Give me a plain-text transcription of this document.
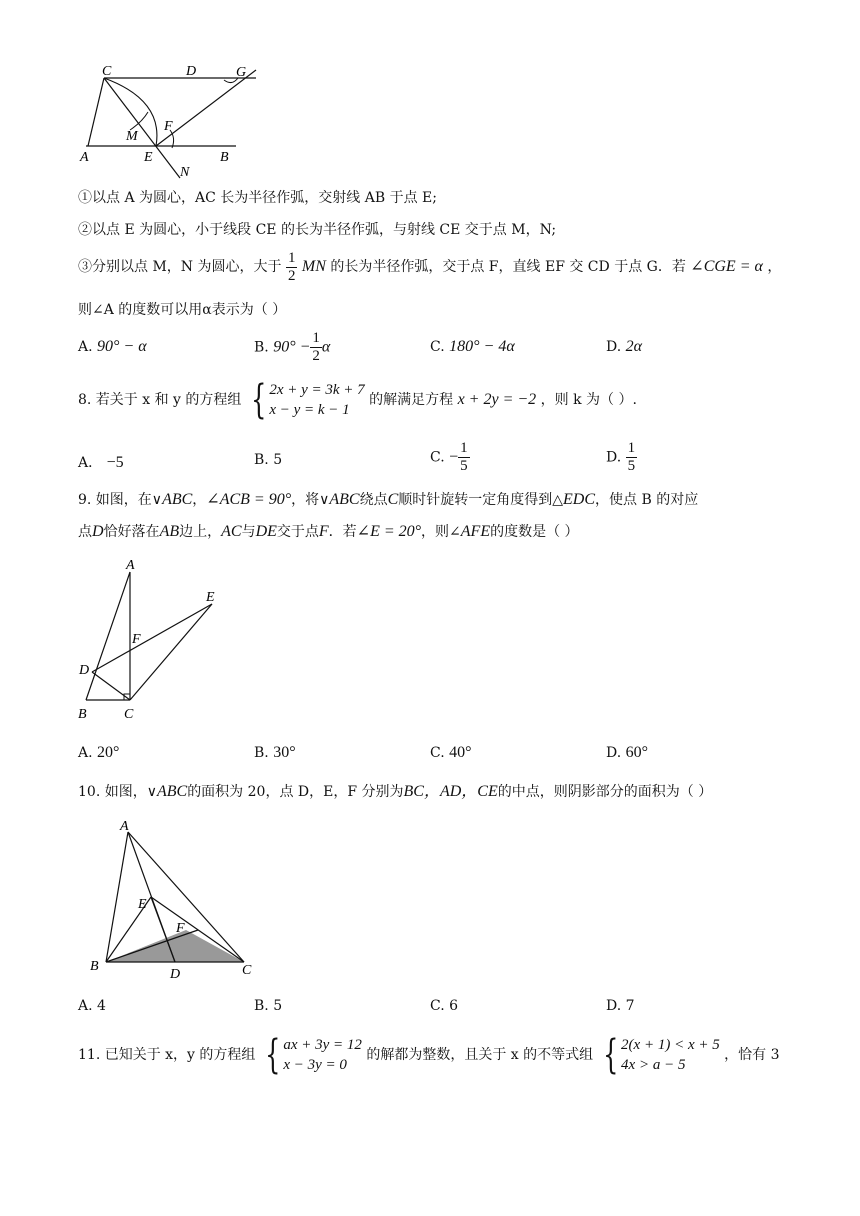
C	D	G
M
F
A	E	B
N
①以点 A 为圆心，AC 长为半径作弧，交射线 AB 于点 E;
②以点 E 为圆心，小于线段 CE 的长为半径作弧，与射线 CE 交于点 M，N;
③分别以点 M，N 为圆心，大于 $\frac{1}{2}$ MN 的长为半径作弧，交于点 F，直线 EF 交 CD 于点 G．若 ∠CGE = α ，
则∠A 的度数可以用α表示为（ ）
A. 90° − α	B. $90^\circ - \frac{1}{2}$ α	C. 180° − 4α	D. 2α
8. 若关于 x 和 y 的方程组 { 2x + y = 3k + 7
x − y = k − 1
的解满足方程 x + 2y = −2 ，则 k 为（ ）.
A． −5	B. 5	C. − $\frac{1}{5}$	D. $\frac{1}{5}$
9. 如图，在∨ABC，∠ACB = 90°，将∨ABC绕点C顺时针旋转一定角度得到△EDC，使点 B 的对应
点D恰好落在AB边上，AC与DE交于点F．若∠E = 20°，则∠AFE的度数是（ ）
A
E
F
D
B	C
A. 20°	B. 30°	C. 40°	D. 60°
10. 如图，∨ABC的面积为 20，点 D，E，F 分别为BC，AD，CE的中点，则阴影部分的面积为（ ）
A
E
F
B
D	C
A. 4	B. 5	C. 6	D. 7
11. 已知关于 x，y 的方程组 { ax + 3y = 12
x − 3y = 0
的解都为整数，且关于 x 的不等式组 { 2(x + 1) < x + 5
4x > a − 5
，恰有 3
